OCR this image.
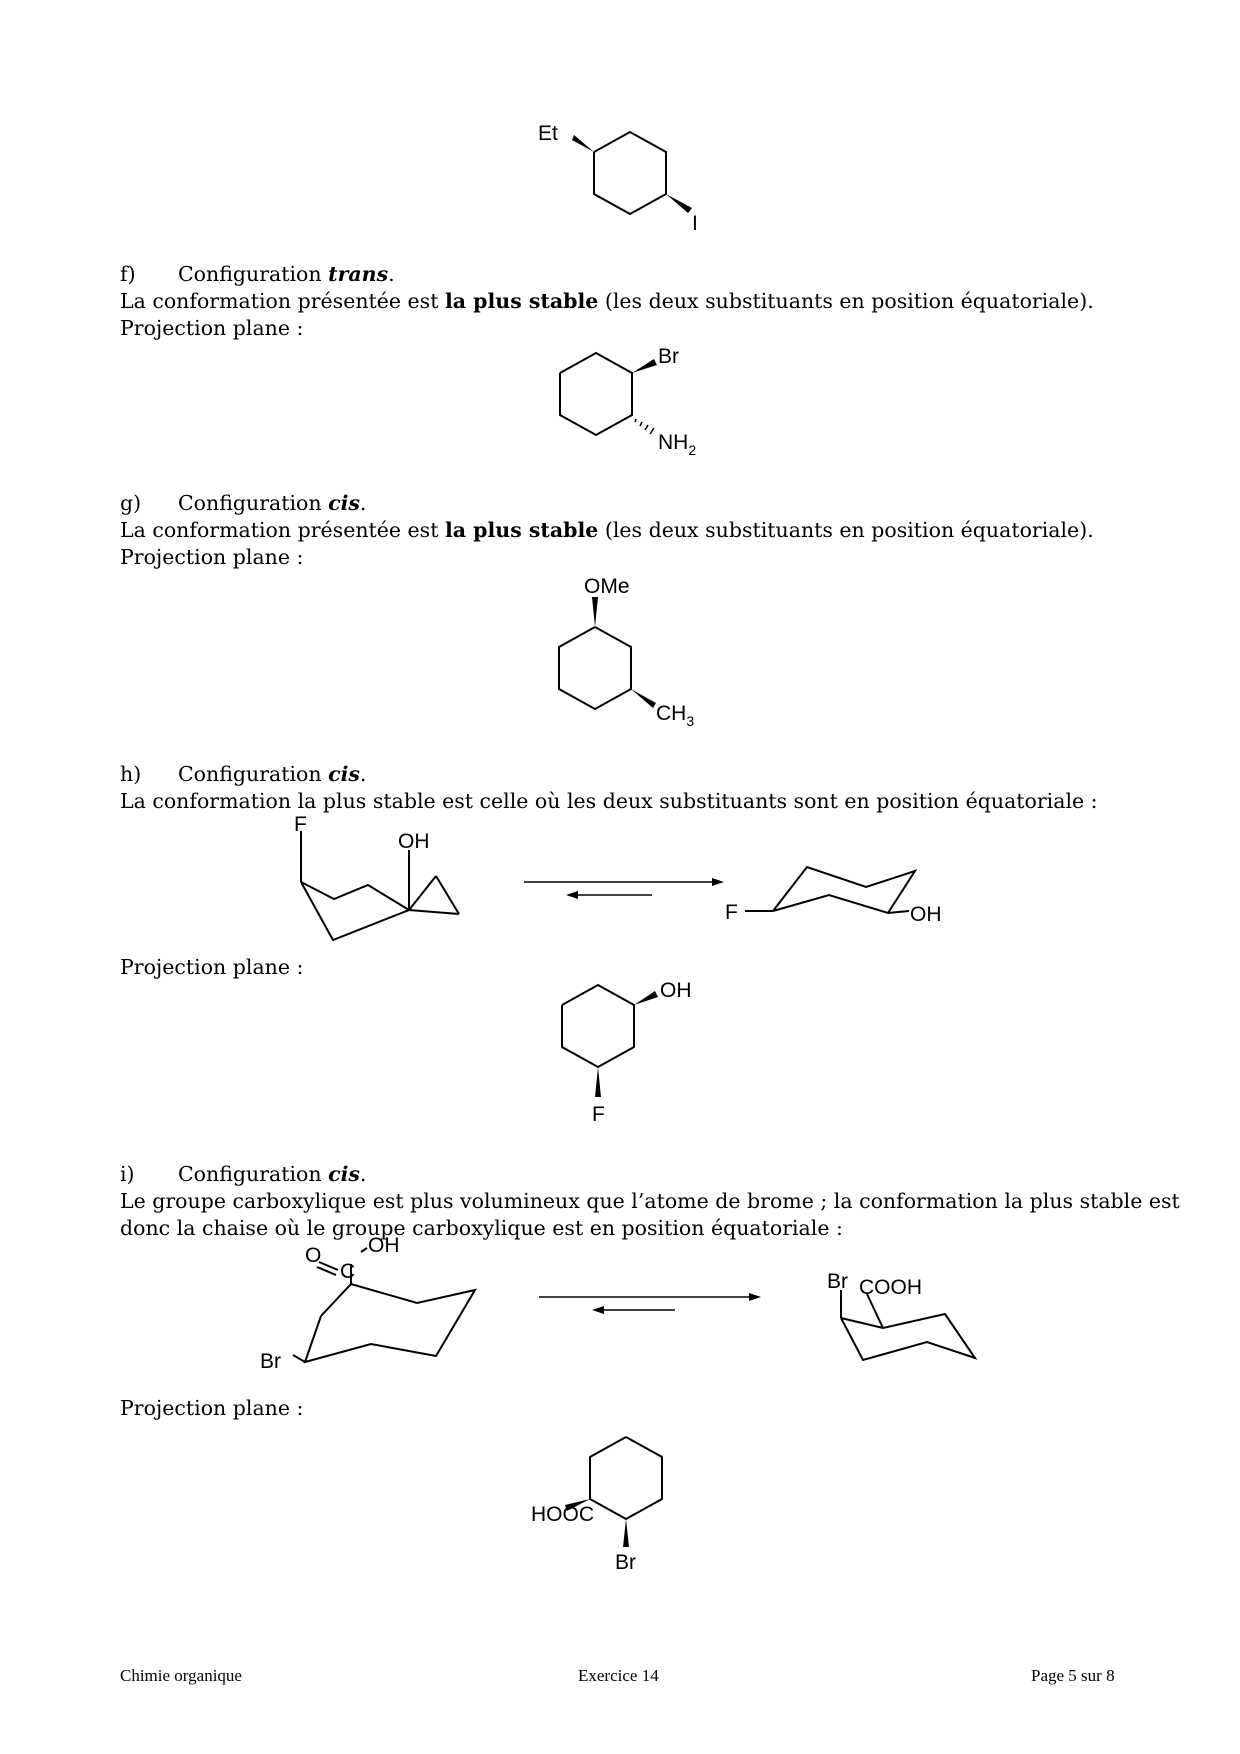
Et
I
f) Configuration trans.
La conformation présentée est la plus stable (les deux substituants en position équatoriale).
Projection plane :
Br
$NH_2$
g) Configuration cis.
La conformation présentée est la plus stable (les deux substituants en position équatoriale).
Projection plane :
OMe
$CH_3$
h) Configuration cis.
La conformation la plus stable est celle où les deux substituants sont en position équatoriale :
F
OH
F	OH
Projection plane :
OH
F
i) Configuration cis.
Le groupe carboxylique est plus volumineux que l’atome de brome ; la conformation la plus stable est
donc la chaise où le groupe carboxylique est en position équatoriale :
O
C
OH
Br
Br COOH
Projection plane :
HOOC
Br
Chimie organique	Exercice 14	Page 5 sur 8
